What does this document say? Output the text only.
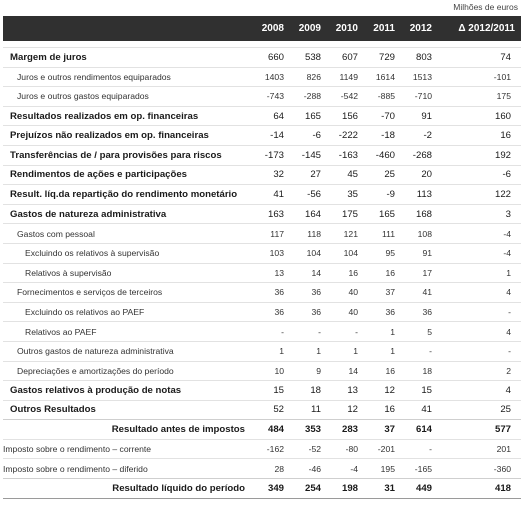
Milhões de euros
	2008	2009	2010	2011	2012	Δ 2012/2011

Margem de juros	660	538	607	729	803	74
Juros e outros rendimentos equiparados	1403	826	1149	1614	1513	-101
Juros e outros gastos equiparados	-743	-288	-542	-885	-710	175
Resultados realizados em op. financeiras	64	165	156	-70	91	160
Prejuízos não realizados em op. financeiras	-14	-6	-222	-18	-2	16
Transferências de / para provisões para riscos	-173	-145	-163	-460	-268	192
Rendimentos de ações e participações	32	27	45	25	20	-6
Result. líq.da repartição do rendimento monetário	41	-56	35	-9	113	122
Gastos de natureza administrativa	163	164	175	165	168	3
Gastos com pessoal	117	118	121	111	108	-4
Excluindo os relativos à supervisão	103	104	104	95	91	-4
Relativos à supervisão	13	14	16	16	17	1
Fornecimentos e serviços de terceiros	36	36	40	37	41	4
Excluindo os relativos ao PAEF	36	36	40	36	36	-
Relativos ao PAEF	-	-	-	1	5	4
Outros gastos de natureza administrativa	1	1	1	1	-	-
Depreciações e amortizações do período	10	9	14	16	18	2
Gastos relativos à produção de notas	15	18	13	12	15	4
Outros Resultados	52	11	12	16	41	25
Resultado antes de impostos	484	353	283	37	614	577
Imposto sobre o rendimento – corrente	-162	-52	-80	-201	-	201
Imposto sobre o rendimento – diferido	28	-46	-4	195	-165	-360
Resultado líquido do período	349	254	198	31	449	418
